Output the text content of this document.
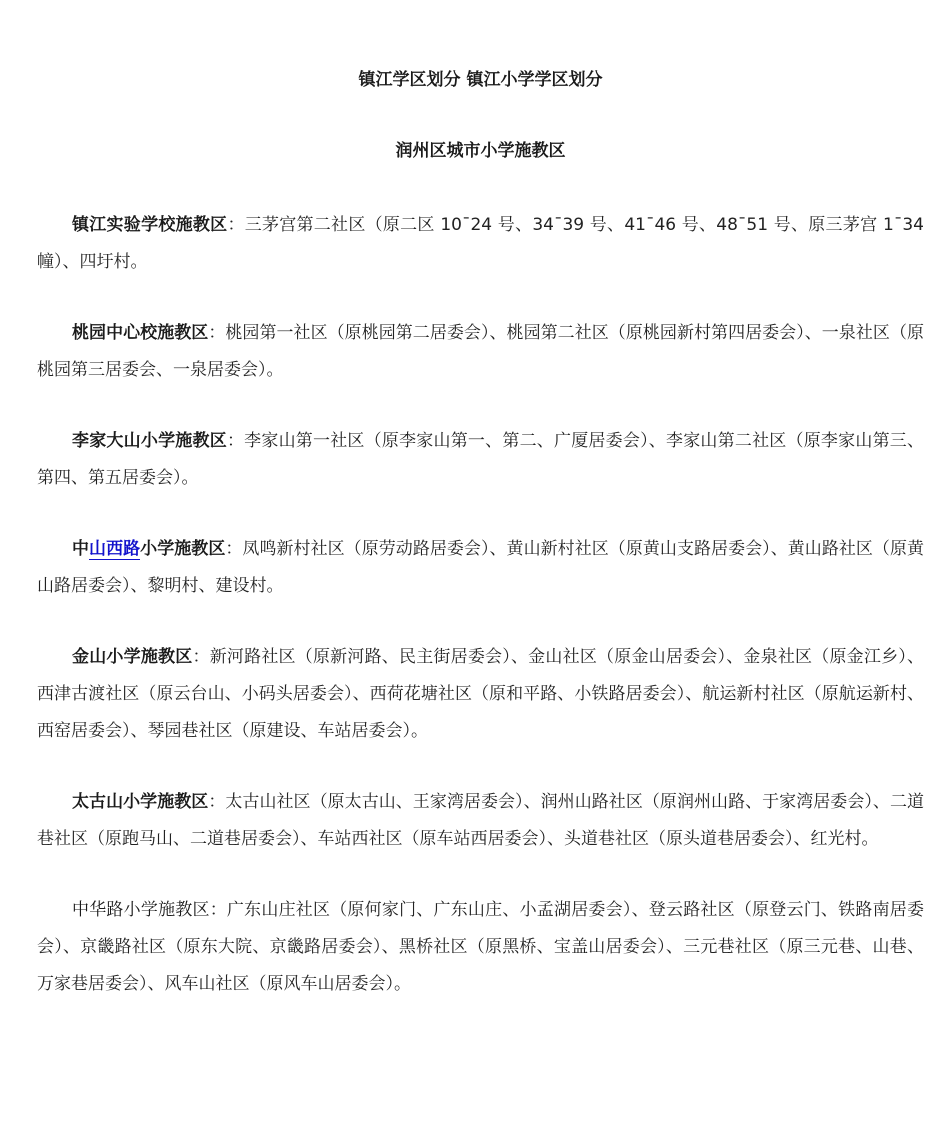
镇江学区划分 镇江小学学区划分
润州区城市小学施教区

镇江实验学校施教区：三茅宫第二社区（原二区 10¯24 号、34¯39 号、41¯46 号、48¯51 号、原三茅宫 1¯34 幢）、四圩村。

桃园中心校施教区：桃园第一社区（原桃园第二居委会）、桃园第二社区（原桃园新村第四居委会）、一泉社区（原桃园第三居委会、一泉居委会）。

李家大山小学施教区：李家山第一社区（原李家山第一、第二、广厦居委会）、李家山第二社区（原李家山第三、第四、第五居委会）。

中山西路小学施教区：凤鸣新村社区（原劳动路居委会）、黄山新村社区（原黄山支路居委会）、黄山路社区（原黄山路居委会）、黎明村、建设村。

金山小学施教区：新河路社区（原新河路、民主街居委会）、金山社区（原金山居委会）、金泉社区（原金江乡）、西津古渡社区（原云台山、小码头居委会）、西荷花塘社区（原和平路、小铁路居委会）、航运新村社区（原航运新村、西窑居委会）、琴园巷社区（原建设、车站居委会）。

太古山小学施教区：太古山社区（原太古山、王家湾居委会）、润州山路社区（原润州山路、于家湾居委会）、二道巷社区（原跑马山、二道巷居委会）、车站西社区（原车站西居委会）、头道巷社区（原头道巷居委会）、红光村。

中华路小学施教区：广东山庄社区（原何家门、广东山庄、小孟湖居委会）、登云路社区（原登云门、铁路南居委会）、京畿路社区（原东大院、京畿路居委会）、黑桥社区（原黑桥、宝盖山居委会）、三元巷社区（原三元巷、山巷、万家巷居委会）、风车山社区（原风车山居委会）。
